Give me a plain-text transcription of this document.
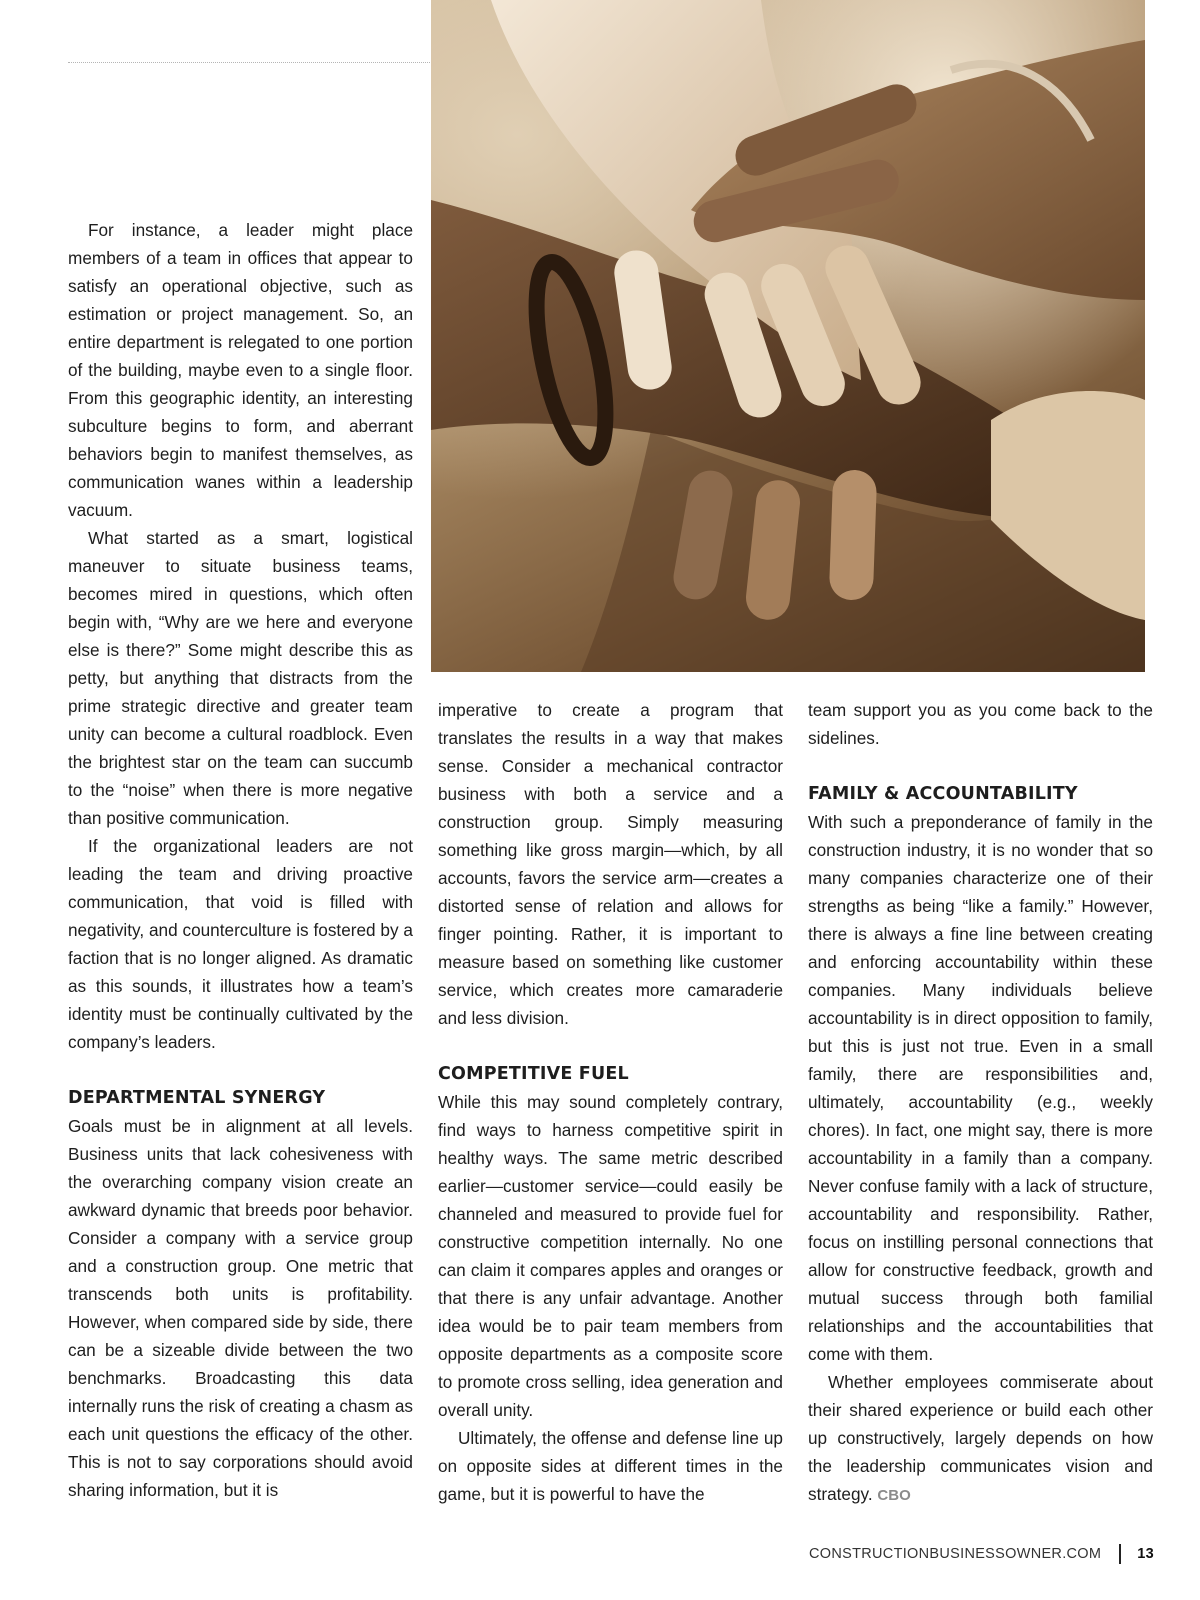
For instance, a leader might place members of a team in offices that appear to satisfy an operational objective, such as estimation or project management. So, an entire department is relegated to one portion of the building, maybe even to a single floor. From this geographic identity, an interesting subculture begins to form, and aberrant behaviors begin to manifest themselves, as communication wanes within a leadership vacuum.

What started as a smart, logistical maneuver to situate business teams, becomes mired in questions, which often begin with, “Why are we here and everyone else is there?” Some might describe this as petty, but anything that distracts from the prime strategic directive and greater team unity can become a cultural roadblock. Even the brightest star on the team can succumb to the “noise” when there is more negative than positive communication.

If the organizational leaders are not leading the team and driving proactive communication, that void is filled with negativity, and counterculture is fostered by a faction that is no longer aligned. As dramatic as this sounds, it illustrates how a team’s identity must be continually cultivated by the company’s leaders.

DEPARTMENTAL SYNERGY

Goals must be in alignment at all levels. Business units that lack cohesiveness with the overarching company vision create an awkward dynamic that breeds poor behavior. Consider a company with a service group and a construction group. One metric that transcends both units is profitability. However, when compared side by side, there can be a sizeable divide between the two benchmarks. Broadcasting this data internally runs the risk of creating a chasm as each unit questions the efficacy of the other. This is not to say corporations should avoid sharing information, but it is

imperative to create a program that translates the results in a way that makes sense. Consider a mechanical contractor business with both a service and a construction group. Simply measuring something like gross margin—which, by all accounts, favors the service arm—creates a distorted sense of relation and allows for finger pointing. Rather, it is important to measure based on something like customer service, which creates more camaraderie and less division.

COMPETITIVE FUEL

While this may sound completely contrary, find ways to harness competitive spirit in healthy ways. The same metric described earlier—customer service—could easily be channeled and measured to provide fuel for constructive competition internally. No one can claim it compares apples and oranges or that there is any unfair advantage. Another idea would be to pair team members from opposite departments as a composite score to promote cross selling, idea generation and overall unity.

Ultimately, the offense and defense line up on opposite sides at different times in the game, but it is powerful to have the

team support you as you come back to the sidelines.

FAMILY & ACCOUNTABILITY

With such a preponderance of family in the construction industry, it is no wonder that so many companies characterize one of their strengths as being “like a family.” However, there is always a fine line between creating and enforcing accountability within these companies. Many individuals believe accountability is in direct opposition to family, but this is just not true. Even in a small family, there are responsibilities and, ultimately, accountability (e.g., weekly chores). In fact, one might say, there is more accountability in a family than a company. Never confuse family with a lack of structure, accountability and responsibility. Rather, focus on instilling personal connections that allow for constructive feedback, growth and mutual success through both familial relationships and the accountabilities that come with them.

Whether employees commiserate about their shared experience or build each other up constructively, largely depends on how the leadership communicates vision and strategy. CBO

CONSTRUCTIONBUSINESSOWNER.COM 13
